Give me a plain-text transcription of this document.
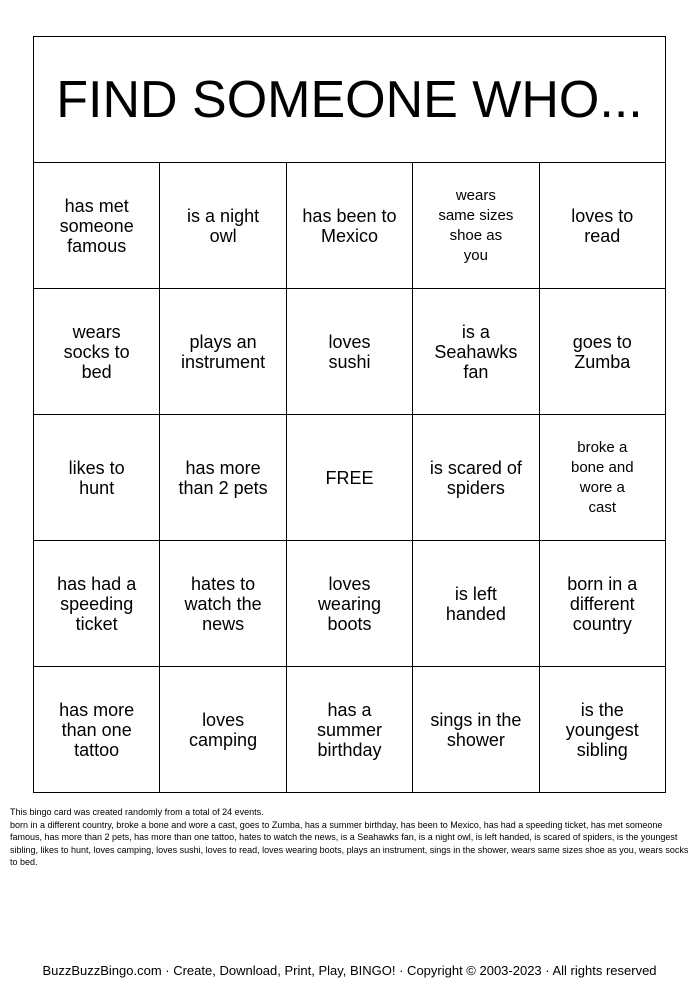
FIND SOMEONE WHO...				
has met someone famous	is a night owl	has been to Mexico	wears same sizes shoe as you	loves to read
wears socks to bed	plays an instrument	loves sushi	is a Seahawks fan	goes to Zumba
likes to hunt	has more than 2 pets	FREE	is scared of spiders	broke a bone and wore a cast
has had a speeding ticket	hates to watch the news	loves wearing boots	is left handed	born in a different country
has more than one tattoo	loves camping	has a summer birthday	sings in the shower	is the youngest sibling
This bingo card was created randomly from a total of 24 events.
born in a different country, broke a bone and wore a cast, goes to Zumba, has a summer birthday, has been to Mexico, has had a speeding ticket, has met someone famous, has more than 2 pets, has more than one tattoo, hates to watch the news, is a Seahawks fan, is a night owl, is left handed, is scared of spiders, is the youngest sibling, likes to hunt, loves camping, loves sushi, loves to read, loves wearing boots, plays an instrument, sings in the shower, wears same sizes shoe as you, wears socks to bed.
BuzzBuzzBingo.com · Create, Download, Print, Play, BINGO! · Copyright © 2003-2023 · All rights reserved
